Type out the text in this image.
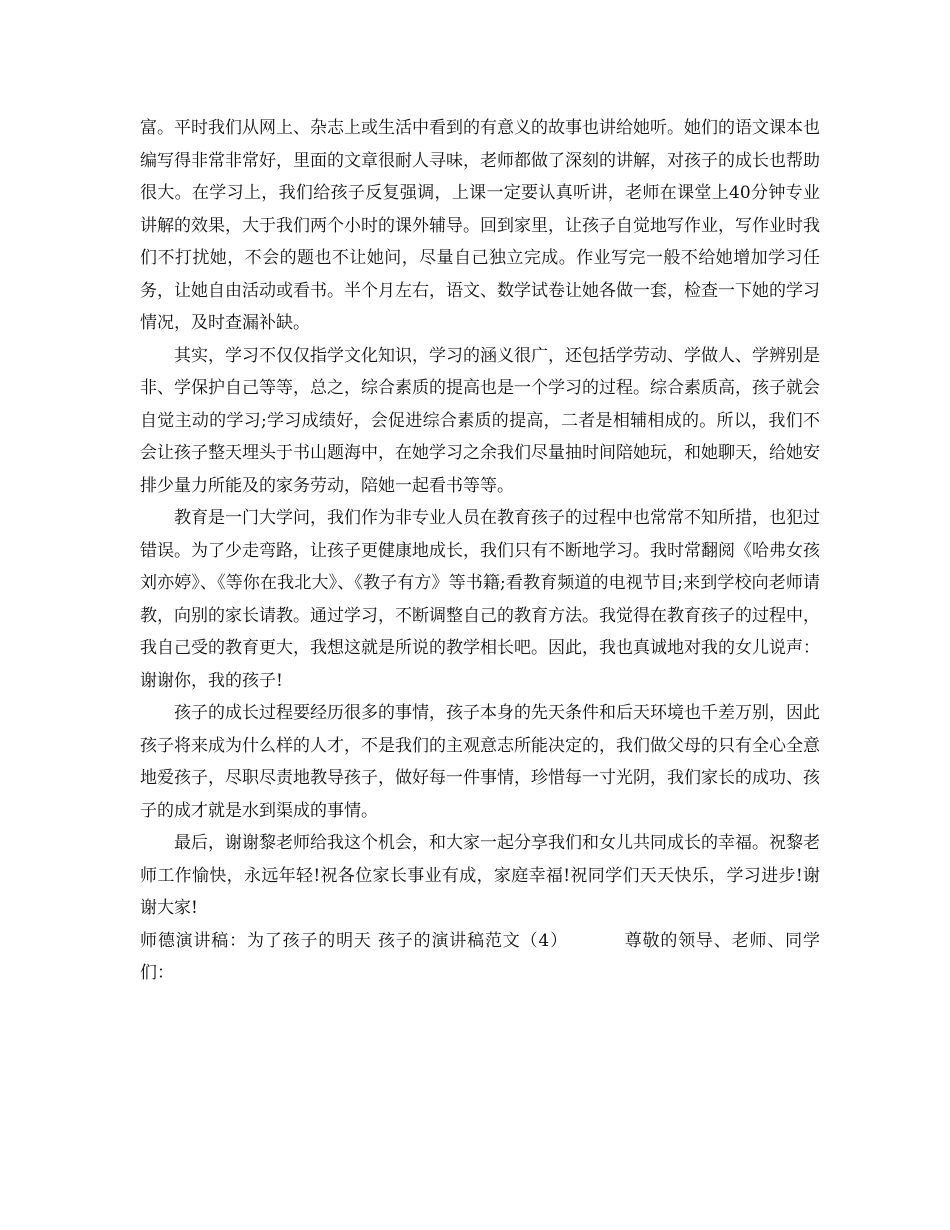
富。平时我们从网上、杂志上或生活中看到的有意义的故事也讲给她听。她们的语文课本也编写得非常非常好，里面的文章很耐人寻味，老师都做了深刻的讲解，对孩子的成长也帮助很大。在学习上，我们给孩子反复强调，上课一定要认真听讲，老师在课堂上40分钟专业讲解的效果，大于我们两个小时的课外辅导。回到家里，让孩子自觉地写作业，写作业时我们不打扰她，不会的题也不让她问，尽量自己独立完成。作业写完一般不给她增加学习任务，让她自由活动或看书。半个月左右，语文、数学试卷让她各做一套，检查一下她的学习情况，及时查漏补缺。

其实，学习不仅仅指学文化知识，学习的涵义很广，还包括学劳动、学做人、学辨别是非、学保护自己等等，总之，综合素质的提高也是一个学习的过程。综合素质高，孩子就会自觉主动的学习;学习成绩好，会促进综合素质的提高，二者是相辅相成的。所以，我们不会让孩子整天埋头于书山题海中，在她学习之余我们尽量抽时间陪她玩，和她聊天，给她安排少量力所能及的家务劳动，陪她一起看书等等。

教育是一门大学问，我们作为非专业人员在教育孩子的过程中也常常不知所措，也犯过错误。为了少走弯路，让孩子更健康地成长，我们只有不断地学习。我时常翻阅《哈弗女孩刘亦婷》、《等你在我北大》、《教子有方》等书籍;看教育频道的电视节目;来到学校向老师请教，向别的家长请教。通过学习，不断调整自己的教育方法。我觉得在教育孩子的过程中，我自己受的教育更大，我想这就是所说的教学相长吧。因此，我也真诚地对我的女儿说声：谢谢你，我的孩子!

孩子的成长过程要经历很多的事情，孩子本身的先天条件和后天环境也千差万别，因此孩子将来成为什么样的人才，不是我们的主观意志所能决定的，我们做父母的只有全心全意地爱孩子，尽职尽责地教导孩子，做好每一件事情，珍惜每一寸光阴，我们家长的成功、孩子的成才就是水到渠成的事情。

最后，谢谢黎老师给我这个机会，和大家一起分享我们和女儿共同成长的幸福。祝黎老师工作愉快，永远年轻!祝各位家长事业有成，家庭幸福!祝同学们天天快乐，学习进步!谢谢大家!

师德演讲稿：为了孩子的明天 孩子的演讲稿范文（4）	尊敬的领导、老师、同学们：
